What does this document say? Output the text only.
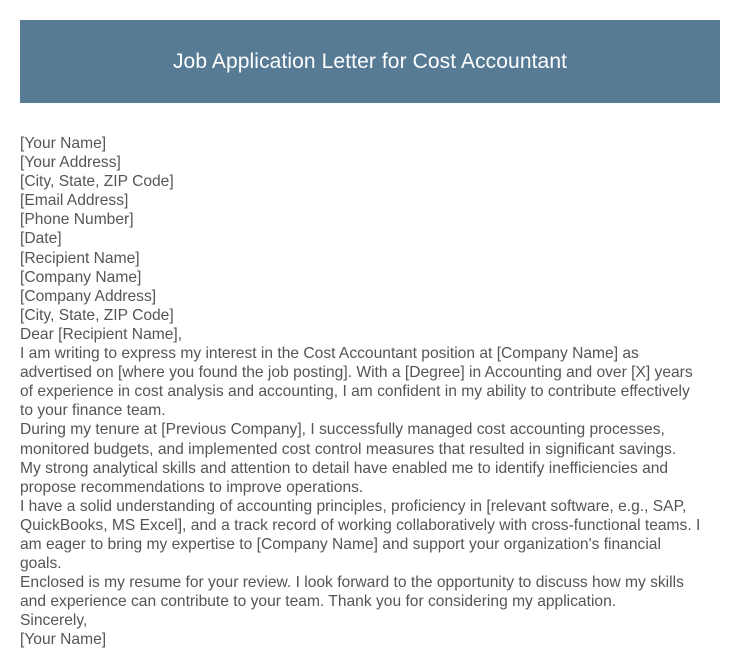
Job Application Letter for Cost Accountant
[Your Name]
[Your Address]
[City, State, ZIP Code]
[Email Address]
[Phone Number]
[Date]
[Recipient Name]
[Company Name]
[Company Address]
[City, State, ZIP Code]
Dear [Recipient Name],
I am writing to express my interest in the Cost Accountant position at [Company Name] as
advertised on [where you found the job posting]. With a [Degree] in Accounting and over [X] years
of experience in cost analysis and accounting, I am confident in my ability to contribute effectively
to your finance team.
During my tenure at [Previous Company], I successfully managed cost accounting processes,
monitored budgets, and implemented cost control measures that resulted in significant savings.
My strong analytical skills and attention to detail have enabled me to identify inefficiencies and
propose recommendations to improve operations.
I have a solid understanding of accounting principles, proficiency in [relevant software, e.g., SAP,
QuickBooks, MS Excel], and a track record of working collaboratively with cross-functional teams. I
am eager to bring my expertise to [Company Name] and support your organization's financial
goals.
Enclosed is my resume for your review. I look forward to the opportunity to discuss how my skills
and experience can contribute to your team. Thank you for considering my application.
Sincerely,
[Your Name]
